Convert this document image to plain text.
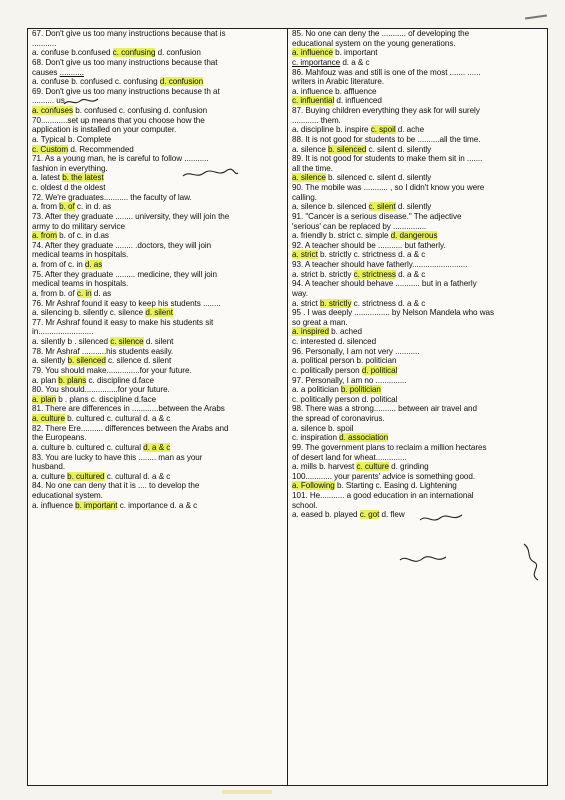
67. Don't give us too many instructions because that is
...........
a. confuse b.confused c. confusing d. confusion
68. Don't give us too many instructions because that
causes ...........
a. confuse b. confused c. confusing d. confusion
69. Don't give us too many instructions because th at
.......... us.
a. confuses b. confused c. confusing d. confusion
70............set up means that you choose how the
application is installed on your computer.
a. Typical b. Complete
c. Custom d. Recommended
71. As a young man, he is careful to follow ...........
fashion in everything.
a. latest b. the latest
c. oldest d the oldest
72. We're graduates........... the faculty of law.
a. from b. of c. in d. as
73. After they graduate ........ university, they will join the
army to do military service
a. from b. of c. in d.as
74. After they graduate ........ .doctors, they will join
medical teams in hospitals.
a. from of c. in d. as
75. After they graduate ......... medicine, they will join
medical teams in hospitals.
a. from b. of c. in d. as
76. Mr Ashraf found it easy to keep his students ........
a. silencing b. silently c. silence d. silent
77. Mr Ashraf found it easy to make his students sit
in.........................
a. silently b . silenced c. silence d. silent
78. Mr Ashraf ...........his students easily.
a. silently b. silenced c. silence d. silent
79. You should make...............for your future.
a. plan b. plans c. discipline d.face
80. You should...............for your future.
a. plan b . plans c. discipline d.face
81. There are differences in ............between the Arabs
a. culture b. cultured c. cultural d. a & c
82. There Ere.......... differences between the Arabs and
the Europeans.
a. culture b. cultured c. cultural d. a & c
83. You are lucky to have this ........ man as your
husband.
a. culture b. cultured c. cultural d. a & c
84. No one can deny that it is .... to develop the
educational system.
a. influence b. important c. importance d. a & c
85. No one can deny the ........... of developing the
educational system on the young generations.
a. influence b. important
c. importance d. a & c
86. Mahfouz was and still is one of the most ....... ......
writers in Arabic literature.
a. influence b. affluence
c. influential d. influenced
87. Buying children everything they ask for will surely
............ them.
a. discipline b. inspire c. spoil d. ache
88. It is not good for students to be ..........all the time.
a. silence b. silenced c. silent d. silently
89. It is not good for students to make them sit in .......
all the time.
a. silence b. silenced c. silent d. silently
90. The mobile was ........... , so I didn't know you were
calling.
a. silence b. silenced c. silent d. silently
91. "Cancer is a serious disease." The adjective
'serious' can be replaced by ...............
a. friendly b. strict c. simple d. dangerous
92. A teacher should be ........... but fatherly.
a. strict b. strictly c. strictness d. a & c
93. A teacher should have fatherly.........................
a. strict b. strictly c. strictness d. a & c
94. A teacher should behave ........... but in a fatherly
way.
a. strict b. strictly c. strictness d. a & c
95 . I was deeply ................ by Nelson Mandela who was
so great a man.
a. inspired b. ached
c. interested d. silenced
96. Personally, I am not very ...........
a. political person b. politician
c. politically person d. political
97. Personally, I am no ..............
a. a politician b. politician
c. politically person d. political
98. There was a strong.......... between air travel and
the spread of coronavirus.
a. silence b. spoil
c. inspiration d. association
99. The government plans to reclaim a million hectares
of desert land for wheat..............
a. mills b. harvest c. culture d. grinding
100............ your parents' advice is something good.
a. Following b. Starting c. Easing d. Lightening
101. He........... a good education in an international
school.
a. eased b. played c. got d. flew
